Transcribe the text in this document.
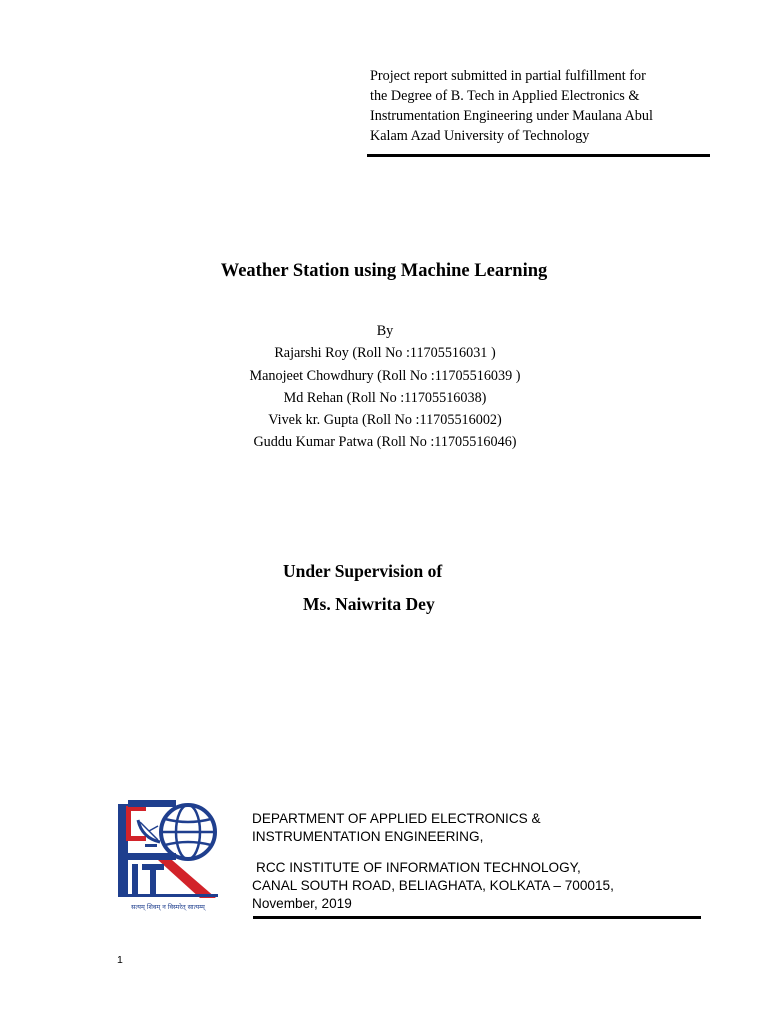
Project report submitted in partial fulfillment for
the Degree of B. Tech in Applied Electronics &
Instrumentation Engineering under Maulana Abul
Kalam Azad University of Technology
Weather Station using Machine Learning
By
Rajarshi Roy (Roll No :11705516031 )
Manojeet Chowdhury (Roll No :11705516039 )
Md Rehan (Roll No :11705516038)
Vivek kr. Gupta (Roll No :11705516002)
Guddu Kumar Patwa (Roll No :11705516046)
Under Supervision of
Ms. Naiwrita Dey
सत्यम् शिवम् न विस्मरेत् सात्यम्म्
DEPARTMENT OF APPLIED ELECTRONICS &
INSTRUMENTATION ENGINEERING,
RCC INSTITUTE OF INFORMATION TECHNOLOGY,
CANAL SOUTH ROAD, BELIAGHATA, KOLKATA – 700015,
November, 2019
1
